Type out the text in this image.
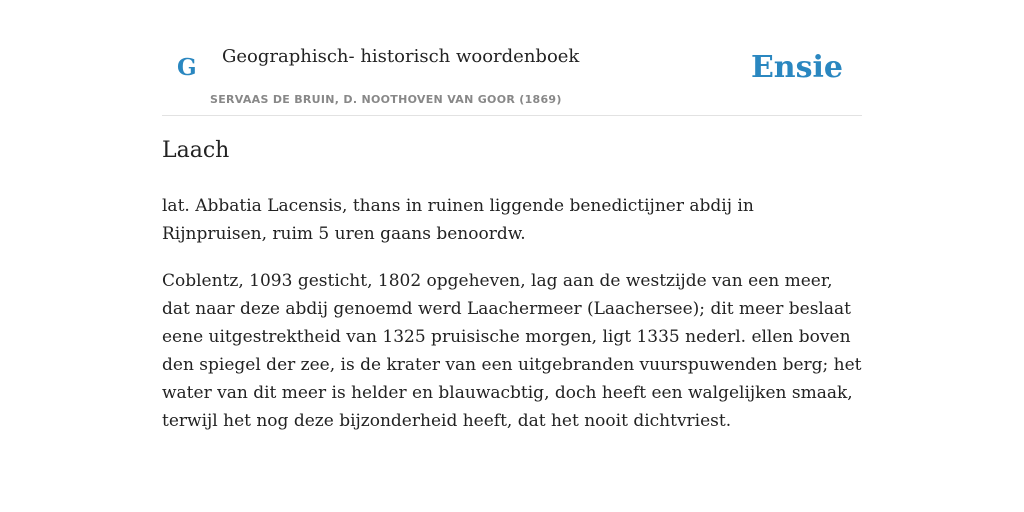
G Geographisch- historisch woordenboek
SERVAAS DE BRUIN, D. NOOTHOVEN VAN GOOR (1869)
Ensie
Laach

lat. Abbatia Lacensis, thans in ruinen liggende benedictijner abdij in Rijnpruisen, ruim 5 uren gaans benoordw.

Coblentz, 1093 gesticht, 1802 opgeheven, lag aan de westzijde van een meer, dat naar deze abdij genoemd werd Laachermeer (Laachersee); dit meer beslaat eene uitgestrektheid van 1325 pruisische morgen, ligt 1335 nederl. ellen boven den spiegel der zee, is de krater van een uitgebranden vuurspuwenden berg; het water van dit meer is helder en blauwacbtig, doch heeft een walgelijken smaak, terwijl het nog deze bijzonderheid heeft, dat het nooit dichtvriest.
